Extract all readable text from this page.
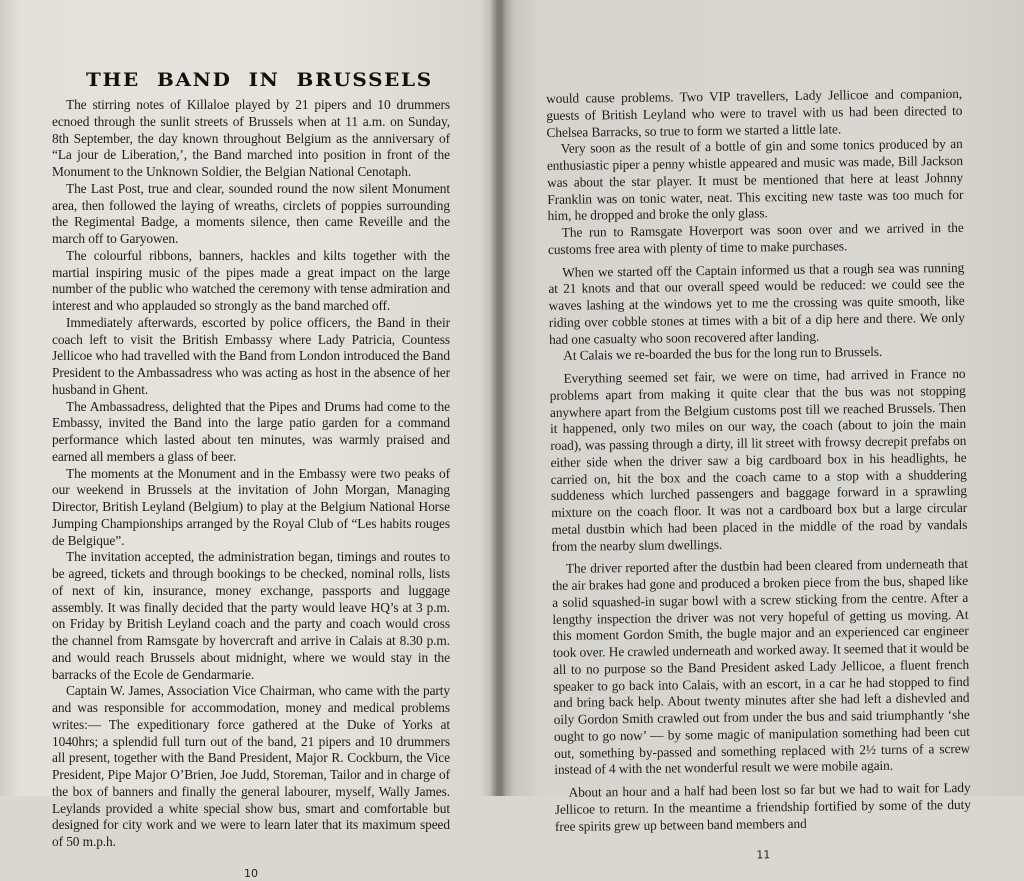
THE BAND IN BRUSSELS

The stirring notes of Killaloe played by 21 pipers and 10 drummers ecnoed through the sunlit streets of Brussels when at 11 a.m. on Sunday, 8th September, the day known throughout Belgium as the anniversary of “La jour de Liberation,’, the Band marched into position in front of the Monument to the Unknown Soldier, the Belgian National Cenotaph.

The Last Post, true and clear, sounded round the now silent Monument area, then followed the laying of wreaths, circlets of poppies surrounding the Regimental Badge, a moments silence, then came Reveille and the march off to Garyowen.

The colourful ribbons, banners, hackles and kilts together with the martial inspiring music of the pipes made a great impact on the large number of the public who watched the ceremony with tense admiration and interest and who applauded so strongly as the band marched off.

Immediately afterwards, escorted by police officers, the Band in their coach left to visit the British Embassy where Lady Patricia, Countess Jellicoe who had travelled with the Band from London introduced the Band President to the Ambassadress who was acting as host in the absence of her husband in Ghent.

The Ambassadress, delighted that the Pipes and Drums had come to the Embassy, invited the Band into the large patio garden for a command performance which lasted about ten minutes, was warmly praised and earned all members a glass of beer.

The moments at the Monument and in the Embassy were two peaks of our weekend in Brussels at the invitation of John Morgan, Managing Director, British Leyland (Belgium) to play at the Belgium National Horse Jumping Championships arranged by the Royal Club of “Les habits rouges de Belgique”.

The invitation accepted, the administration began, timings and routes to be agreed, tickets and through bookings to be checked, nominal rolls, lists of next of kin, insurance, money exchange, passports and luggage assembly. It was finally decided that the party would leave HQ’s at 3 p.m. on Friday by British Leyland coach and the party and coach would cross the channel from Ramsgate by hovercraft and arrive in Calais at 8.30 p.m. and would reach Brussels about midnight, where we would stay in the barracks of the Ecole de Gendarmarie.

Captain W. James, Association Vice Chairman, who came with the party and was responsible for accommodation, money and medical problems writes:— The expeditionary force gathered at the Duke of Yorks at 1040hrs; a splendid full turn out of the band, 21 pipers and 10 drummers all present, together with the Band President, Major R. Cockburn, the Vice President, Pipe Major O’Brien, Joe Judd, Storeman, Tailor and in charge of the box of banners and finally the general labourer, myself, Wally James. Leylands provided a white special show bus, smart and comfortable but designed for city work and we were to learn later that its maximum speed of 50 m.p.h.

10

would cause problems. Two VIP travellers, Lady Jellicoe and companion, guests of British Leyland who were to travel with us had been directed to Chelsea Barracks, so true to form we started a little late.

Very soon as the result of a bottle of gin and some tonics produced by an enthusiastic piper a penny whistle appeared and music was made, Bill Jackson was about the star player. It must be mentioned that here at least Johnny Franklin was on tonic water, neat. This exciting new taste was too much for him, he dropped and broke the only glass.

The run to Ramsgate Hoverport was soon over and we arrived in the customs free area with plenty of time to make purchases.

When we started off the Captain informed us that a rough sea was running at 21 knots and that our overall speed would be reduced: we could see the waves lashing at the windows yet to me the crossing was quite smooth, like riding over cobble stones at times with a bit of a dip here and there. We only had one casualty who soon recovered after landing.

At Calais we re-boarded the bus for the long run to Brussels.

Everything seemed set fair, we were on time, had arrived in France no problems apart from making it quite clear that the bus was not stopping anywhere apart from the Belgium customs post till we reached Brussels. Then it happened, only two miles on our way, the coach (about to join the main road), was passing through a dirty, ill lit street with frowsy decrepit prefabs on either side when the driver saw a big cardboard box in his headlights, he carried on, hit the box and the coach came to a stop with a shuddering suddeness which lurched passengers and baggage forward in a sprawling mixture on the coach floor. It was not a cardboard box but a large circular metal dustbin which had been placed in the middle of the road by vandals from the nearby slum dwellings.

The driver reported after the dustbin had been cleared from underneath that the air brakes had gone and produced a broken piece from the bus, shaped like a solid squashed-in sugar bowl with a screw sticking from the centre. After a lengthy inspection the driver was not very hopeful of getting us moving. At this moment Gordon Smith, the bugle major and an experienced car engineer took over. He crawled underneath and worked away. It seemed that it would be all to no purpose so the Band President asked Lady Jellicoe, a fluent french speaker to go back into Calais, with an escort, in a car he had stopped to find and bring back help. About twenty minutes after she had left a dishevled and oily Gordon Smith crawled out from under the bus and said triumphantly ‘she ought to go now’ — by some magic of manipulation something had been cut out, something by-passed and something replaced with 2½ turns of a screw instead of 4 with the net wonderful result we were mobile again.

About an hour and a half had been lost so far but we had to wait for Lady Jellicoe to return. In the meantime a friendship fortified by some of the duty free spirits grew up between band members and

11
